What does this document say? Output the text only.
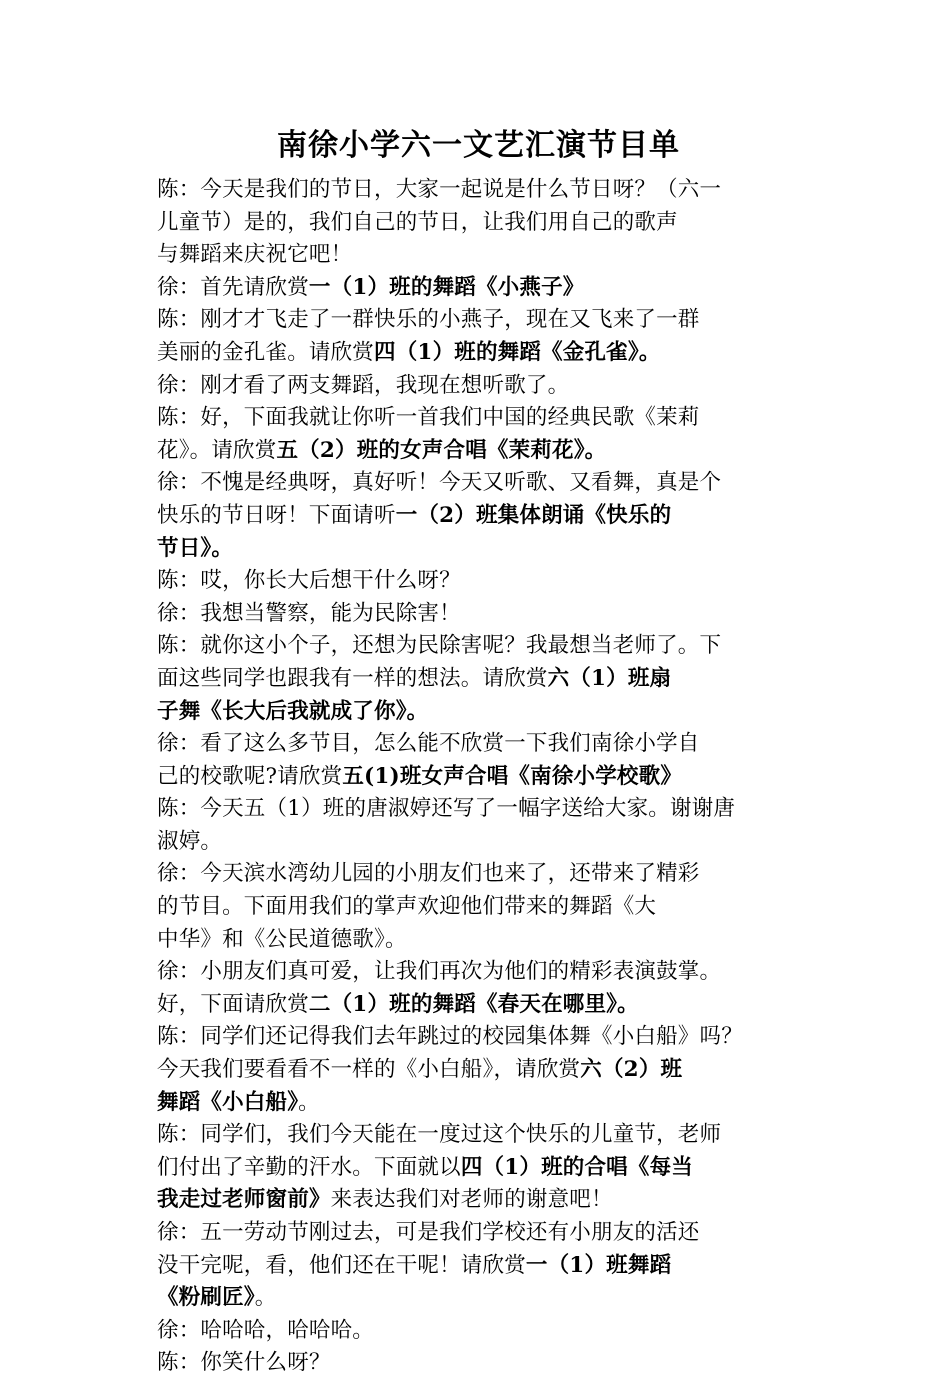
南徐小学六一文艺汇演节目单
陈：今天是我们的节日，大家一起说是什么节日呀？（六一
儿童节）是的，我们自己的节日，让我们用自己的歌声
与舞蹈来庆祝它吧！
徐：首先请欣赏一（1）班的舞蹈《小燕子》
陈：刚才才飞走了一群快乐的小燕子，现在又飞来了一群
美丽的金孔雀。请欣赏四（1）班的舞蹈《金孔雀》。
徐：刚才看了两支舞蹈，我现在想听歌了。
陈：好，下面我就让你听一首我们中国的经典民歌《茉莉
花》。请欣赏五（2）班的女声合唱《茉莉花》。
徐：不愧是经典呀，真好听！今天又听歌、又看舞，真是个
快乐的节日呀！下面请听一（2）班集体朗诵《快乐的
节日》。
陈：哎，你长大后想干什么呀？
徐：我想当警察，能为民除害！
陈：就你这小个子，还想为民除害呢？我最想当老师了。下
面这些同学也跟我有一样的想法。请欣赏六（1）班扇
子舞《长大后我就成了你》。
徐：看了这么多节目，怎么能不欣赏一下我们南徐小学自
己的校歌呢?请欣赏五(1)班女声合唱《南徐小学校歌》
陈：今天五（1）班的唐淑婷还写了一幅字送给大家。谢谢唐
淑婷。
徐：今天滨水湾幼儿园的小朋友们也来了，还带来了精彩
的节目。下面用我们的掌声欢迎他们带来的舞蹈《大
中华》和《公民道德歌》。
徐：小朋友们真可爱，让我们再次为他们的精彩表演鼓掌。
好，下面请欣赏二（1）班的舞蹈《春天在哪里》。
陈：同学们还记得我们去年跳过的校园集体舞《小白船》吗？
今天我们要看看不一样的《小白船》，请欣赏六（2）班
舞蹈《小白船》。
陈：同学们，我们今天能在一度过这个快乐的儿童节，老师
们付出了辛勤的汗水。下面就以四（1）班的合唱《每当
我走过老师窗前》来表达我们对老师的谢意吧！
徐：五一劳动节刚过去，可是我们学校还有小朋友的活还
没干完呢，看，他们还在干呢！请欣赏一（1）班舞蹈
《粉刷匠》。
徐：哈哈哈，哈哈哈。
陈：你笑什么呀？
